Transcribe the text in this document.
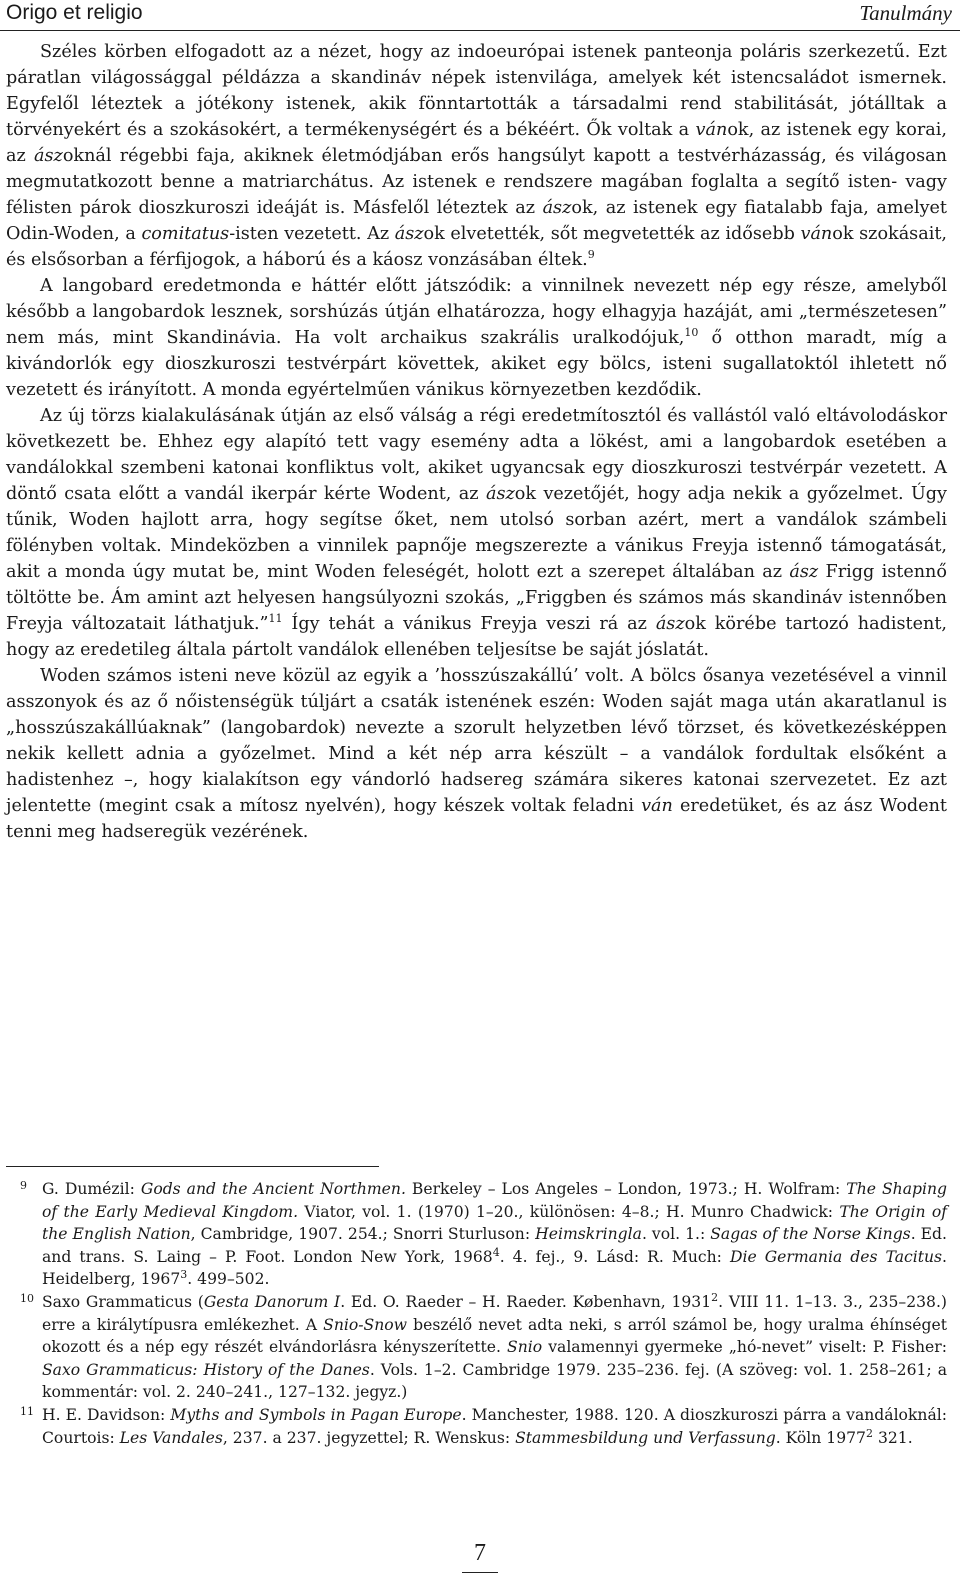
Origo et religio	Tanulmány

Széles körben elfogadott az a nézet, hogy az indoeurópai istenek panteonja poláris szerkezetű. Ezt páratlan világossággal példázza a skandináv népek istenvilága, amelyek két istencsaládot ismernek. Egyfelől léteztek a jótékony istenek, akik fönntartották a társadalmi rend stabilitását, jótálltak a törvényekért és a szokásokért, a termékenységért és a békéért. Ők voltak a vánok, az istenek egy korai, az ászoknál régebbi faja, akiknek életmódjában erős hangsúlyt kapott a testvérházasság, és világosan megmutatkozott benne a matriarchátus. Az istenek e rendszere magában foglalta a segítő isten- vagy félisten párok dioszkuroszi ideáját is. Másfelől léteztek az ászok, az istenek egy fiatalabb faja, amelyet Odin-Woden, a comitatus-isten vezetett. Az ászok elvetették, sőt megvetették az idősebb vánok szokásait, és elsősorban a férfijogok, a háború és a káosz vonzásában éltek.$^9$

A langobard eredetmonda e háttér előtt játszódik: a vinnilnek nevezett nép egy része, amelyből később a langobardok lesznek, sorshúzás útján elhatározza, hogy elhagyja hazáját, ami „természetesen” nem más, mint Skandinávia. Ha volt archaikus szakrális uralkodójuk,$^{10}$ ő otthon maradt, míg a kivándorlók egy dioszkuroszi testvérpárt követtek, akiket egy bölcs, isteni sugallatoktól ihletett nő vezetett és irányított. A monda egyértelműen vánikus környezetben kezdődik.

Az új törzs kialakulásának útján az első válság a régi eredetmítosztól és vallástól való eltávolodáskor következett be. Ehhez egy alapító tett vagy esemény adta a lökést, ami a langobardok esetében a vandálokkal szembeni katonai konfliktus volt, akiket ugyancsak egy dioszkuroszi testvérpár vezetett. A döntő csata előtt a vandál ikerpár kérte Wodent, az ászok vezetőjét, hogy adja nekik a győzelmet. Úgy tűnik, Woden hajlott arra, hogy segítse őket, nem utolsó sorban azért, mert a vandálok számbeli fölényben voltak. Mindeközben a vinnilek papnője megszerezte a vánikus Freyja istennő támogatását, akit a monda úgy mutat be, mint Woden feleségét, holott ezt a szerepet általában az ász Frigg istennő töltötte be. Ám amint azt helyesen hangsúlyozni szokás, „Friggben és számos más skandináv istennőben Freyja változatait láthatjuk.”$^{11}$ Így tehát a vánikus Freyja veszi rá az ászok körébe tartozó hadistent, hogy az eredetileg általa pártolt vandálok ellenében teljesítse be saját jóslatát.

Woden számos isteni neve közül az egyik a ’hosszúszakállú’ volt. A bölcs ősanya vezetésével a vinnil asszonyok és az ő nőistenségük túljárt a csaták istenének eszén: Woden saját maga után akaratlanul is „hosszúszakállúaknak” (langobardok) nevezte a szorult helyzetben lévő törzset, és következésképpen nekik kellett adnia a győzelmet. Mind a két nép arra készült – a vandálok fordultak elsőként a hadistenhez –, hogy kialakítson egy vándorló hadsereg számára sikeres katonai szervezetet. Ez azt jelentette (megint csak a mítosz nyelvén), hogy készek voltak feladni ván eredetüket, és az ász Wodent tenni meg hadseregük vezérének.

9 G. Dumézil: Gods and the Ancient Northmen. Berkeley – Los Angeles – London, 1973.; H. Wolfram: The Shaping of the Early Medieval Kingdom. Viator, vol. 1. (1970) 1–20., különösen: 4–8.; H. Munro Chadwick: The Origin of the English Nation, Cambridge, 1907. 254.; Snorri Sturluson: Heimskringla. vol. 1.: Sagas of the Norse Kings. Ed. and trans. S. Laing – P. Foot. London New York, 1968$^4$. 4. fej., 9. Lásd: R. Much: Die Germania des Tacitus. Heidelberg, 1967$^3$. 499–502.
10 Saxo Grammaticus (Gesta Danorum I. Ed. O. Raeder – H. Raeder. København, 1931$^2$. VIII 11. 1–13. 3., 235–238.) erre a királytípusra emlékezhet. A Snio-Snow beszélő nevet adta neki, s arról számol be, hogy uralma éhínséget okozott és a nép egy részét elvándorlásra kényszerítette. Snio valamennyi gyermeke „hó-nevet” viselt: P. Fisher: Saxo Grammaticus: History of the Danes. Vols. 1–2. Cambridge 1979. 235–236. fej. (A szöveg: vol. 1. 258–261; a kommentár: vol. 2. 240–241., 127–132. jegyz.)
11 H. E. Davidson: Myths and Symbols in Pagan Europe. Manchester, 1988. 120. A dioszkuroszi párra a vandáloknál: Courtois: Les Vandales, 237. a 237. jegyzettel; R. Wenskus: Stammesbildung und Verfassung. Köln 1977$^2$ 321.
7
